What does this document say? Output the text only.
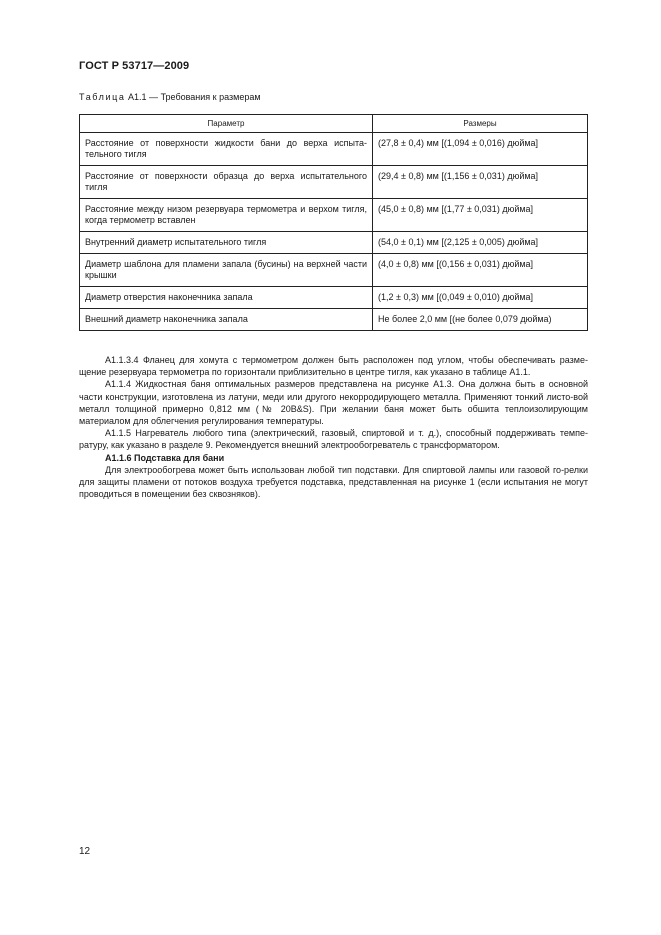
ГОСТ Р 53717—2009
Таблица А1.1 — Требования к размерам
Параметр	Размеры
Расстояние от поверхности жидкости бани до верха испыта-тельного тигля	(27,8 ± 0,4) мм [(1,094 ± 0,016) дюйма]
Расстояние от поверхности образца до верха испытательного тигля	(29,4 ± 0,8) мм [(1,156 ± 0,031) дюйма]
Расстояние между низом резервуара термометра и верхом тигля, когда термометр вставлен	(45,0 ± 0,8) мм [(1,77 ± 0,031) дюйма]
Внутренний диаметр испытательного тигля	(54,0 ± 0,1) мм [(2,125 ± 0,005) дюйма]
Диаметр шаблона для пламени запала (бусины) на верхней части крышки	(4,0 ± 0,8) мм [(0,156 ± 0,031) дюйма]
Диаметр отверстия наконечника запала	(1,2 ± 0,3) мм [(0,049 ± 0,010) дюйма]
Внешний диаметр наконечника запала	Не более 2,0 мм [(не более 0,079 дюйма)

А1.1.3.4 Фланец для хомута с термометром должен быть расположен под углом, чтобы обеспечивать разме-щение резервуара термометра по горизонтали приблизительно в центре тигля, как указано в таблице А1.1.

А1.1.4 Жидкостная баня оптимальных размеров представлена на рисунке А1.3. Она должна быть в основной части конструкции, изготовлена из латуни, меди или другого некорродирующего металла. Применяют тонкий листо-вой металл толщиной примерно 0,812 мм (№ 20B&S). При желании баня может быть обшита теплоизолирующим материалом для облегчения регулирования температуры.

А1.1.5 Нагреватель любого типа (электрический, газовый, спиртовой и т. д.), способный поддерживать темпе-ратуру, как указано в разделе 9. Рекомендуется внешний электрообогреватель с трансформатором.

А1.1.6 Подставка для бани

Для электрообогрева может быть использован любой тип подставки. Для спиртовой лампы или газовой го-релки для защиты пламени от потоков воздуха требуется подставка, представленная на рисунке 1 (если испытания не могут проводиться в помещении без сквозняков).

12
